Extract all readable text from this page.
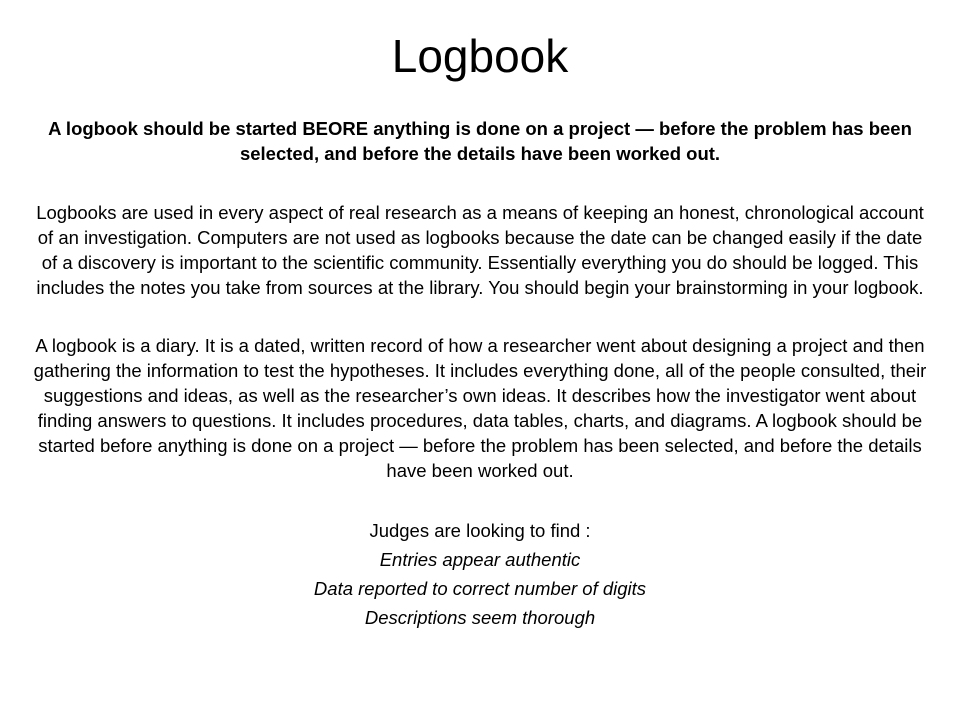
Logbook

A logbook should be started BEORE anything is done on a project — before the problem has been selected, and before the details have been worked out.

Logbooks are used in every aspect of real research as a means of keeping an honest, chronological account of an investigation. Computers are not used as logbooks because the date can be changed easily if the date of a discovery is important to the scientific community. Essentially everything you do should be logged. This includes the notes you take from sources at the library. You should begin your brainstorming in your logbook.

A logbook is a diary. It is a dated, written record of how a researcher went about designing a project and then gathering the information to test the hypotheses. It includes everything done, all of the people consulted, their suggestions and ideas, as well as the researcher’s own ideas. It describes how the investigator went about finding answers to questions. It includes procedures, data tables, charts, and diagrams. A logbook should be started before anything is done on a project — before the problem has been selected, and before the details have been worked out.

Judges are looking to find :

Entries appear authentic
Data reported to correct number of digits
Descriptions seem thorough
